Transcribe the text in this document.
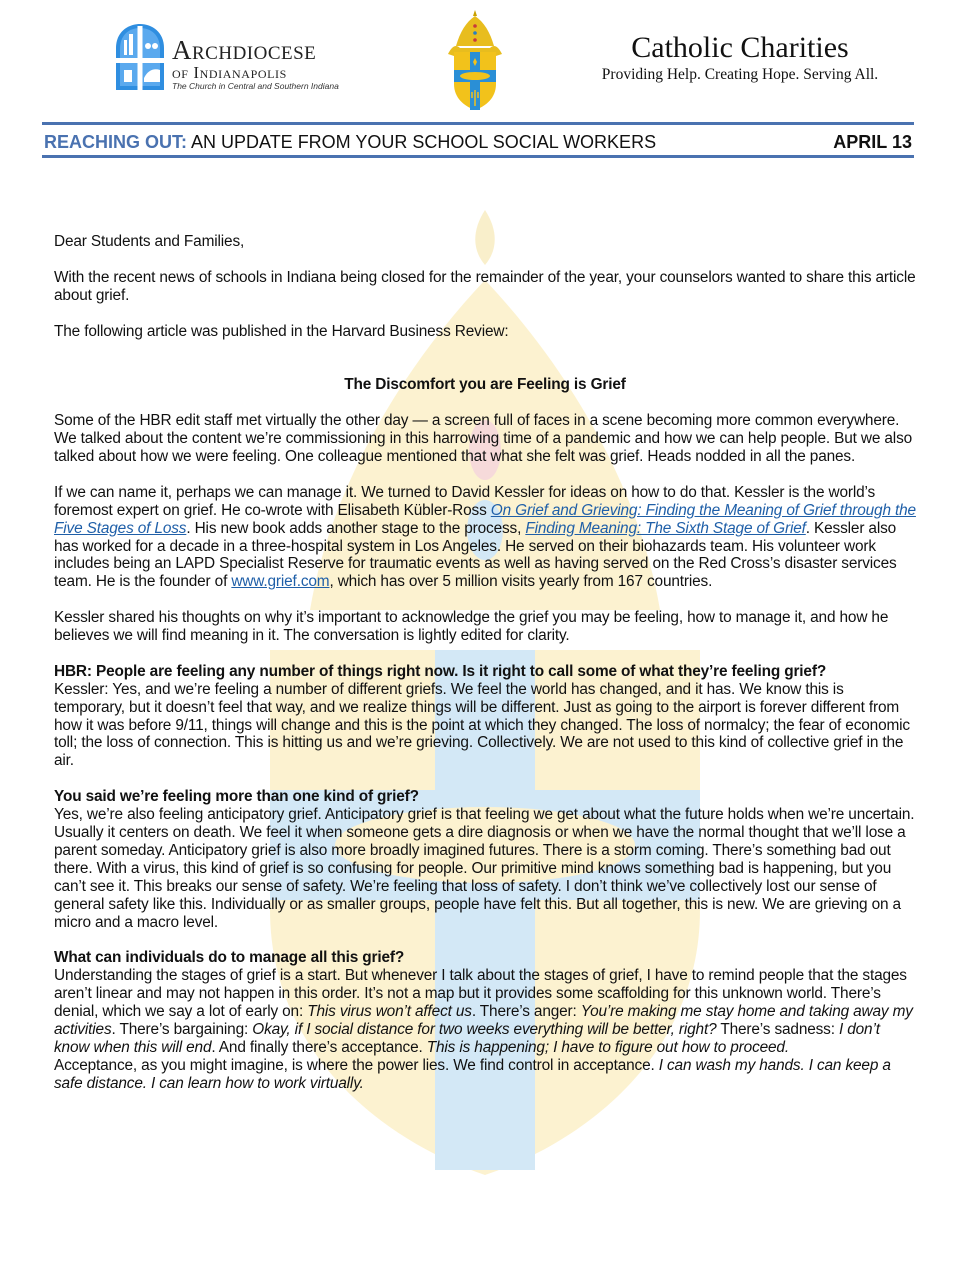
Archdiocese
of Indianapolis
The Church in Central and Southern Indiana
Catholic Charities
Providing Help. Creating Hope. Serving All.
REACHING OUT: AN UPDATE FROM YOUR SCHOOL SOCIAL WORKERS	APRIL 13

Dear Students and Families,

With the recent news of schools in Indiana being closed for the remainder of the year, your counselors wanted to share this article about grief.

The following article was published in the Harvard Business Review:

The Discomfort you are Feeling is Grief

Some of the HBR edit staff met virtually the other day — a screen full of faces in a scene becoming more common everywhere. We talked about the content we’re commissioning in this harrowing time of a pandemic and how we can help people. But we also talked about how we were feeling. One colleague mentioned that what she felt was grief. Heads nodded in all the panes.

If we can name it, perhaps we can manage it. We turned to David Kessler for ideas on how to do that. Kessler is the world’s foremost expert on grief. He co-wrote with Elisabeth Kübler-Ross On Grief and Grieving: Finding the Meaning of Grief through the Five Stages of Loss. His new book adds another stage to the process, Finding Meaning: The Sixth Stage of Grief. Kessler also has worked for a decade in a three-hospital system in Los Angeles. He served on their biohazards team. His volunteer work includes being an LAPD Specialist Reserve for traumatic events as well as having served on the Red Cross’s disaster services team. He is the founder of www.grief.com, which has over 5 million visits yearly from 167 countries.

Kessler shared his thoughts on why it’s important to acknowledge the grief you may be feeling, how to manage it, and how he believes we will find meaning in it. The conversation is lightly edited for clarity.

HBR: People are feeling any number of things right now. Is it right to call some of what they’re feeling grief?

Kessler: Yes, and we’re feeling a number of different griefs. We feel the world has changed, and it has. We know this is temporary, but it doesn’t feel that way, and we realize things will be different. Just as going to the airport is forever different from how it was before 9/11, things will change and this is the point at which they changed. The loss of normalcy; the fear of economic toll; the loss of connection. This is hitting us and we’re grieving. Collectively. We are not used to this kind of collective grief in the air.

You said we’re feeling more than one kind of grief?

Yes, we’re also feeling anticipatory grief. Anticipatory grief is that feeling we get about what the future holds when we’re uncertain. Usually it centers on death. We feel it when someone gets a dire diagnosis or when we have the normal thought that we’ll lose a parent someday. Anticipatory grief is also more broadly imagined futures. There is a storm coming. There’s something bad out there. With a virus, this kind of grief is so confusing for people. Our primitive mind knows something bad is happening, but you can’t see it. This breaks our sense of safety. We’re feeling that loss of safety. I don’t think we’ve collectively lost our sense of general safety like this. Individually or as smaller groups, people have felt this. But all together, this is new. We are grieving on a micro and a macro level.

What can individuals do to manage all this grief?

Understanding the stages of grief is a start. But whenever I talk about the stages of grief, I have to remind people that the stages aren’t linear and may not happen in this order. It’s not a map but it provides some scaffolding for this unknown world. There’s denial, which we say a lot of early on: This virus won’t affect us. There’s anger: You’re making me stay home and taking away my activities. There’s bargaining: Okay, if I social distance for two weeks everything will be better, right? There’s sadness: I don’t know when this will end. And finally there’s acceptance. This is happening; I have to figure out how to proceed.
Acceptance, as you might imagine, is where the power lies. We find control in acceptance. I can wash my hands. I can keep a safe distance. I can learn how to work virtually.
